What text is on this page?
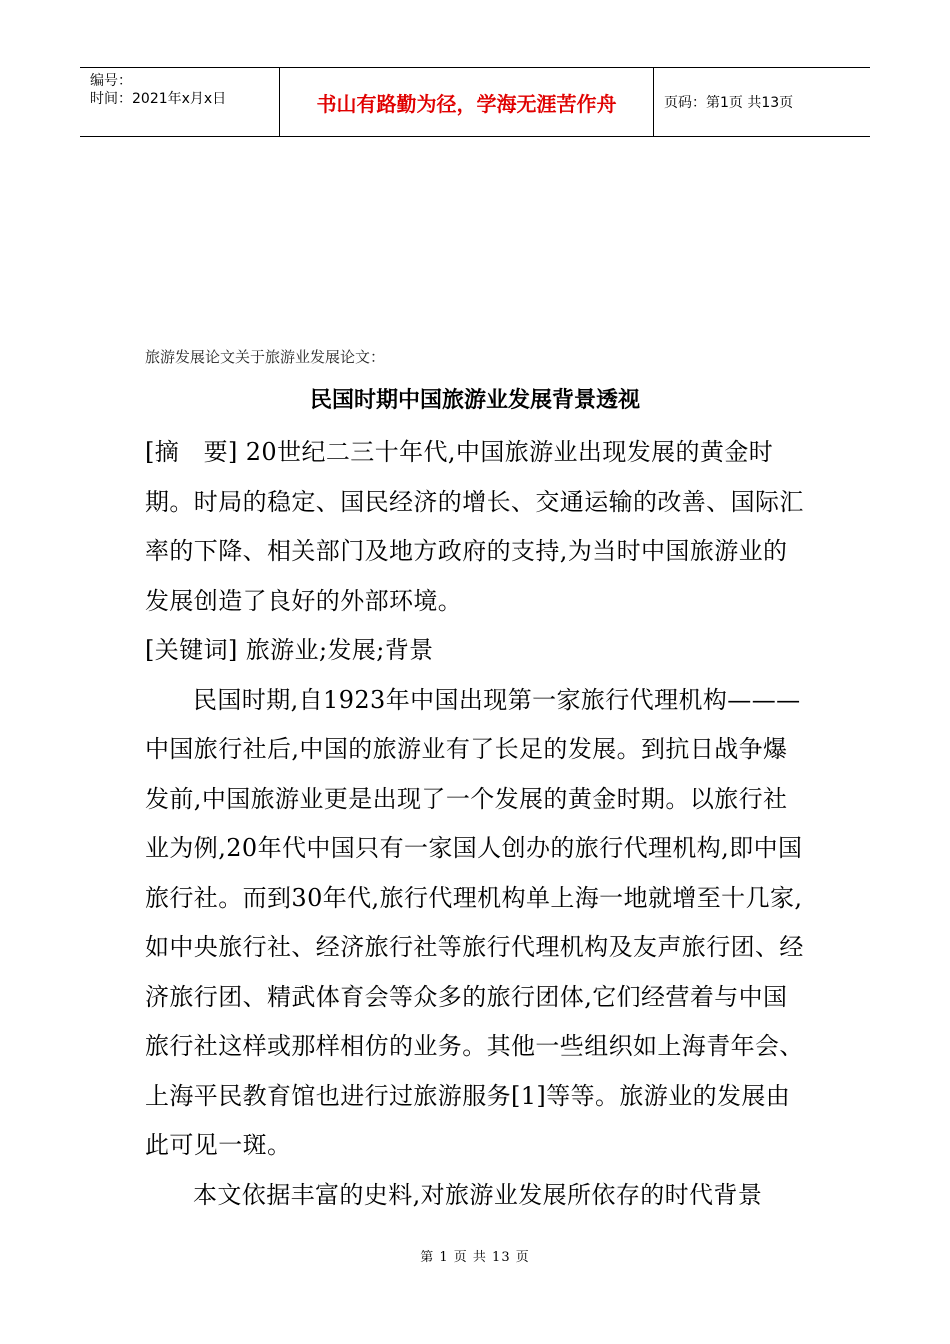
编号：
时间：2021年x月x日	书山有路勤为径，学海无涯苦作舟	页码：第1页 共13页
旅游发展论文关于旅游业发展论文：
民国时期中国旅游业发展背景透视

[摘　要] 20世纪二三十年代,中国旅游业出现发展的黄金时期。时局的稳定、国民经济的增长、交通运输的改善、国际汇率的下降、相关部门及地方政府的支持,为当时中国旅游业的发展创造了良好的外部环境。

[关键词] 旅游业;发展;背景

民国时期,自1923年中国出现第一家旅行代理机构———中国旅行社后,中国的旅游业有了长足的发展。到抗日战争爆发前,中国旅游业更是出现了一个发展的黄金时期。以旅行社业为例,20年代中国只有一家国人创办的旅行代理机构,即中国旅行社。而到30年代,旅行代理机构单上海一地就增至十几家,如中央旅行社、经济旅行社等旅行代理机构及友声旅行团、经济旅行团、精武体育会等众多的旅行团体,它们经营着与中国旅行社这样或那样相仿的业务。其他一些组织如上海青年会、上海平民教育馆也进行过旅游服务[1]等等。旅游业的发展由此可见一斑。

本文依据丰富的史料,对旅游业发展所依存的时代背景

第 1 页 共 13 页
